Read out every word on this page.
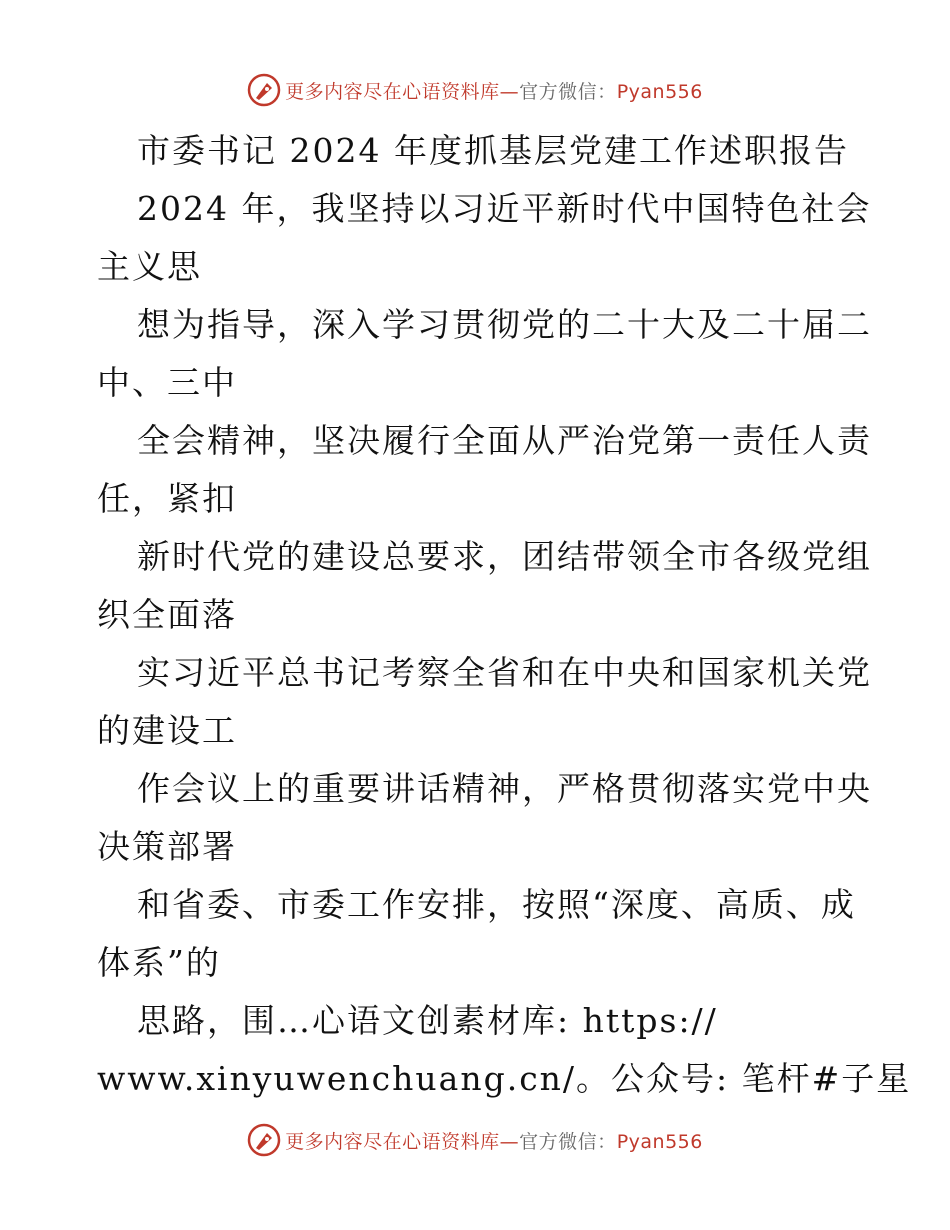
更多内容尽在心语资料库—官方微信：Pyan556
市委书记 2024 年度抓基层党建工作述职报告
2024 年，我坚持以习近平新时代中国特色社会
主义思
想为指导，深入学习贯彻党的二十大及二十届二
中、三中
全会精神，坚决履行全面从严治党第一责任人责
任，紧扣
新时代党的建设总要求，团结带领全市各级党组
织全面落
实习近平总书记考察全省和在中央和国家机关党
的建设工
作会议上的重要讲话精神，严格贯彻落实党中央
决策部署
和省委、市委工作安排，按照“深度、高质、成
体系”的
思路，围…心语文创素材库: https://
www.xinyuwenchuang.cn/。公众号: 笔杆#子星
更多内容尽在心语资料库—官方微信：Pyan556
